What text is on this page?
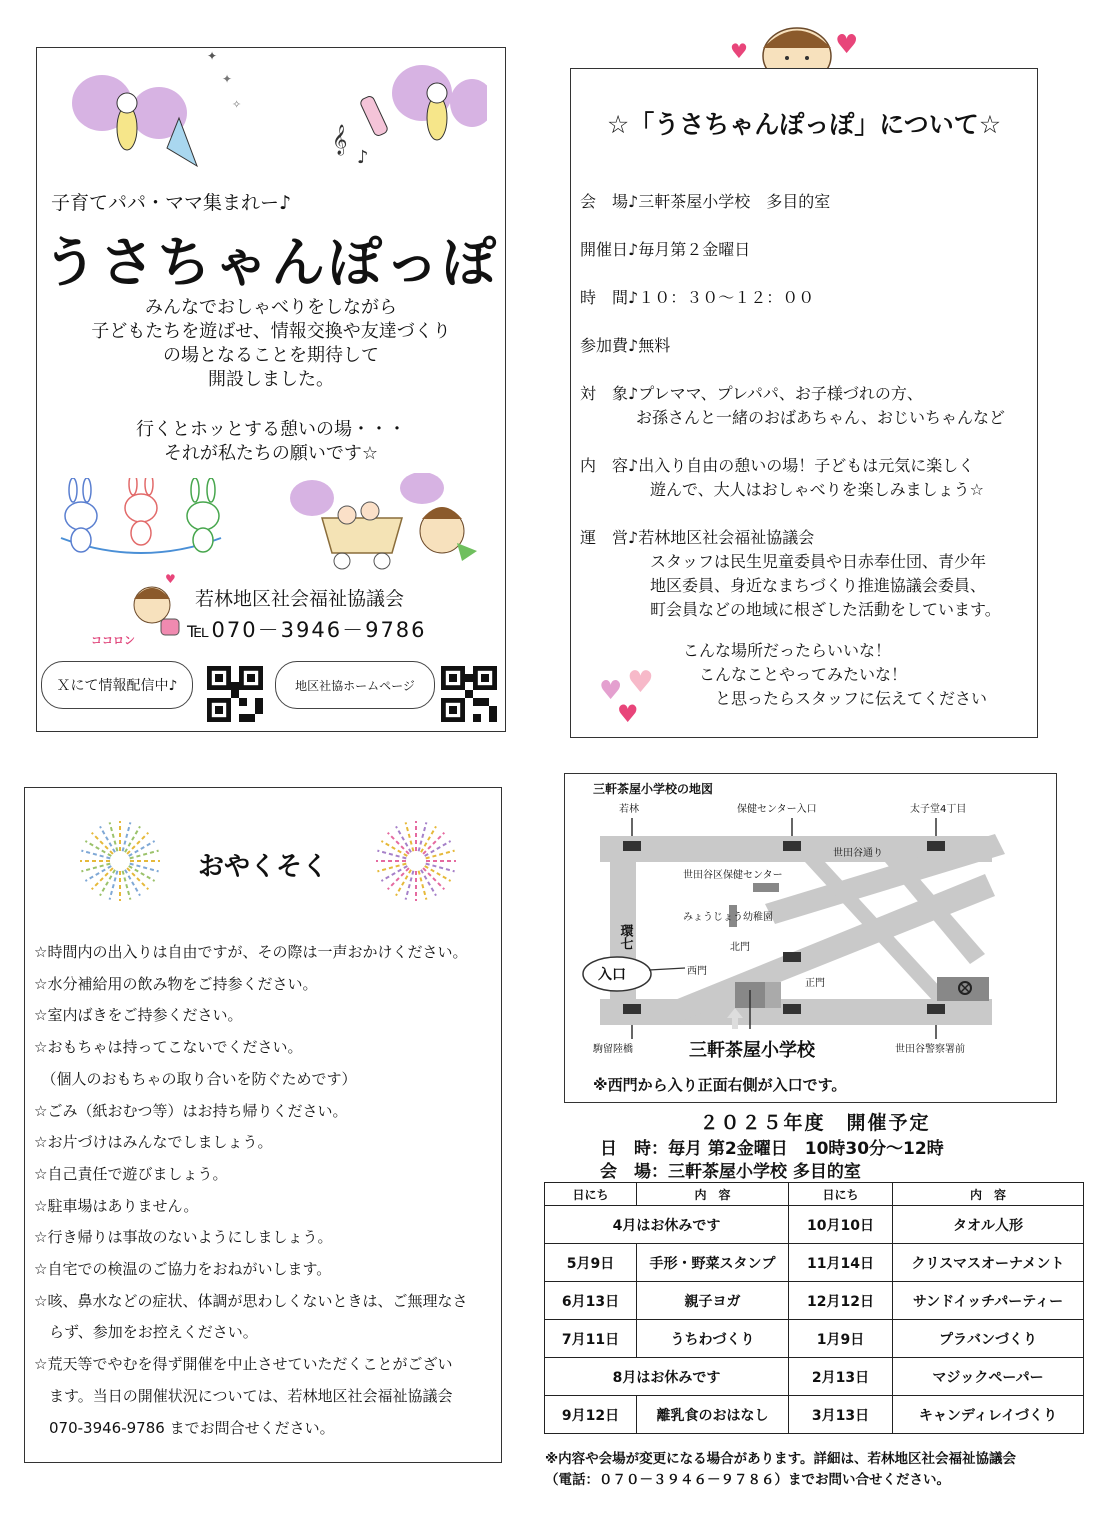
✦
✦
✧
𝄞
♪
子育てパパ・ママ集まれー♪
うさちゃんぽっぽ
みんなでおしゃべりをしながら
子どもたちを遊ばせ、情報交換や友達づくり
の場となることを期待して
開設しました。
行くとホッとする憩いの場・・・
それが私たちの願いです☆
♥
ココロン
若林地区社会福祉協議会
℡070－3946－9786
Ｘにて情報配信中♪	地区社協ホームページ
♥	♥
☆「うさちゃんぽっぽ」について☆
会　場♪三軒茶屋小学校　多目的室
開催日♪毎月第２金曜日
時　間♪１０：３０～１２：００
参加費♪無料
対　象♪プレママ、プレパパ、お子様づれの方、
　お孫さんと一緒のおばあちゃん、おじいちゃんなど
内　容♪出入り自由の憩いの場！子どもは元気に楽しく
遊んで、大人はおしゃべりを楽しみましょう☆
運　営♪若林地区社会福祉協議会
スタッフは民生児童委員や日赤奉仕団、青少年
地区委員、身近なまちづくり推進協議会委員、
町会員などの地域に根ざした活動をしています。
♥ ♥
♥
こんな場所だったらいいな！
　こんなことやってみたいな！
　　と思ったらスタッフに伝えてください
おやくそく
☆時間内の出入りは自由ですが、その際は一声おかけください。
☆水分補給用の飲み物をご持参ください。
☆室内ばきをご持参ください。
☆おもちゃは持ってこないでください。
　（個人のおもちゃの取り合いを防ぐためです）
☆ごみ（紙おむつ等）はお持ち帰りください。
☆お片づけはみんなでしましょう。
☆自己責任で遊びましょう。
☆駐車場はありません。
☆行き帰りは事故のないようにしましょう。
☆自宅での検温のご協力をおねがいします。
☆咳、鼻水などの症状、体調が思わしくないときは、ご無理なさ
　らず、参加をお控えください。
☆荒天等でやむを得ず開催を中止させていただくことがござい
　ます。当日の開催状況については、若林地区社会福祉協議会
　070-3946-9786 までお問合せください。
三軒茶屋小学校の地図
若林	保健センター入口	太子堂4丁目
世田谷通り
世田谷区保健センター
みょうじょう幼稚園
北門
西門
正門
駒留陸橋	世田谷警察署前
環七
入口
三軒茶屋小学校
※西門から入り正面右側が入口です。
２０２５年度　開催予定
日　時：毎月 第2金曜日　10時30分～12時
会　場：三軒茶屋小学校 多目的室
日にち	内　容	日にち	内　容
4月はお休みです		10月10日	タオル人形
5月9日	手形・野菜スタンプ	11月14日	クリスマスオーナメント
6月13日	親子ヨガ	12月12日	サンドイッチパーティー
7月11日	うちわづくり	1月9日	プラバンづくり
8月はお休みです		2月13日	マジックペーパー
9月12日	離乳食のおはなし	3月13日	キャンディレイづくり
※内容や会場が変更になる場合があります。詳細は、若林地区社会福祉協議会
（電話：０７０－３９４６－９７８６）までお問い合せください。
